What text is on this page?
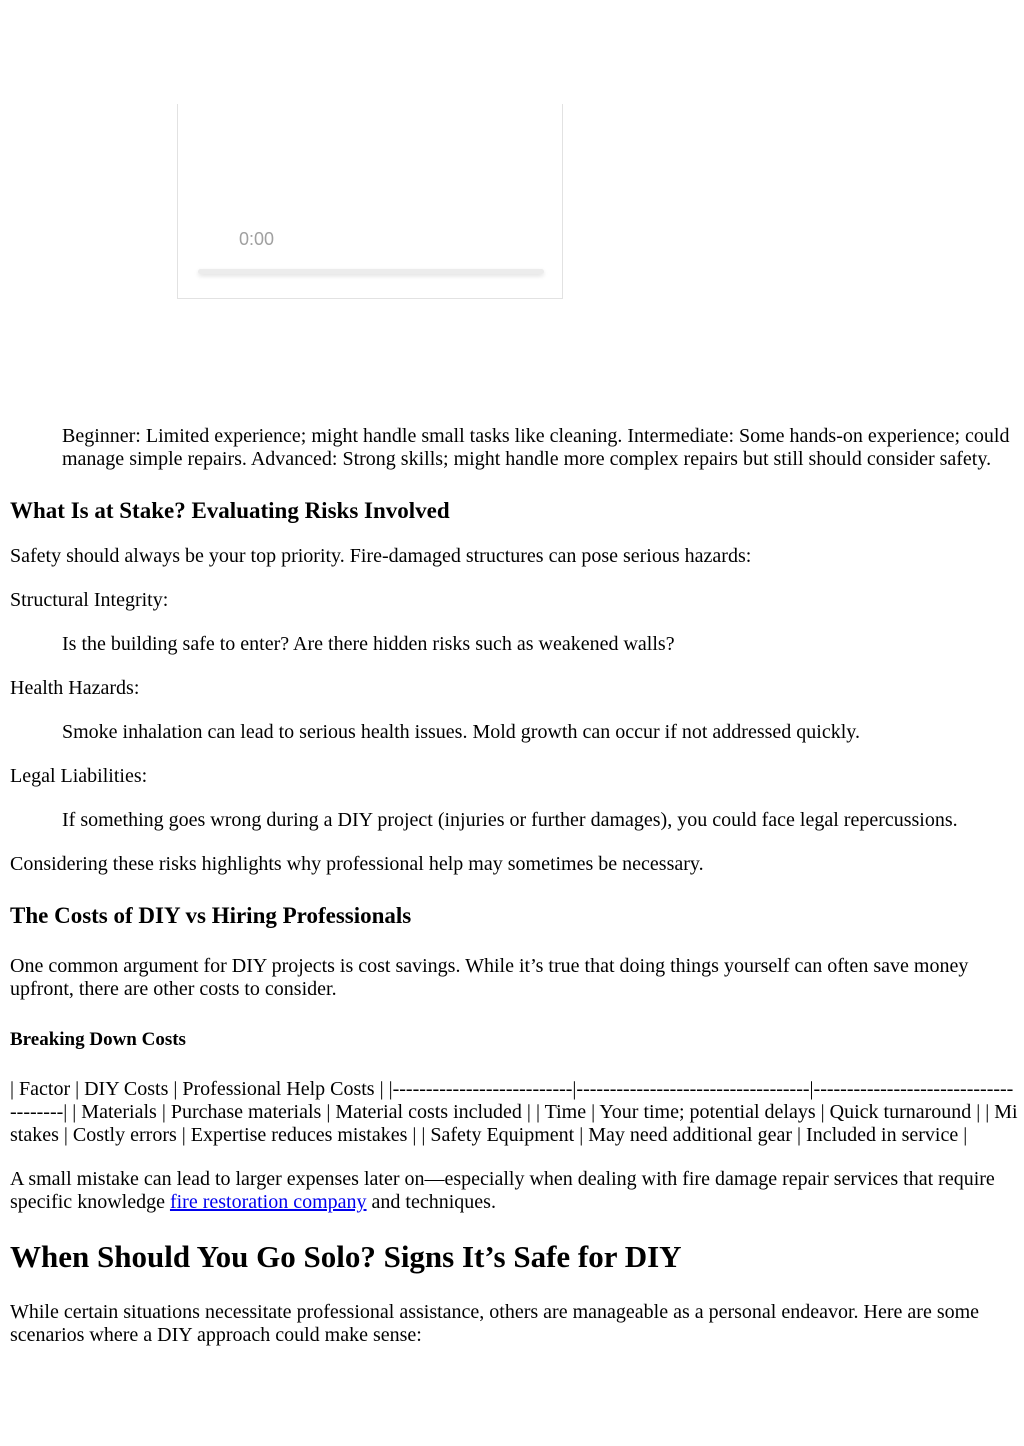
0:00

Beginner: Limited experience; might handle small tasks like cleaning. Intermediate: Some hands-on experience; could manage simple repairs. Advanced: Strong skills; might handle more complex repairs but still should consider safety.

What Is at Stake? Evaluating Risks Involved

Safety should always be your top priority. Fire-damaged structures can pose serious hazards:

Structural Integrity:

Is the building safe to enter? Are there hidden risks such as weakened walls?

Health Hazards:

Smoke inhalation can lead to serious health issues. Mold growth can occur if not addressed quickly.

Legal Liabilities:

If something goes wrong during a DIY project (injuries or further damages), you could face legal repercussions.

Considering these risks highlights why professional help may sometimes be necessary.

The Costs of DIY vs Hiring Professionals

One common argument for DIY projects is cost savings. While it’s true that doing things yourself can often save money upfront, there are other costs to consider.

Breaking Down Costs

| Factor | DIY Costs | Professional Help Costs | |---------------------------|-----------------------------------|--------------------------------------| | Materials | Purchase materials | Material costs included | | Time | Your time; potential delays | Quick turnaround | | Mistakes | Costly errors | Expertise reduces mistakes | | Safety Equipment | May need additional gear | Included in service |

A small mistake can lead to larger expenses later on—especially when dealing with fire damage repair services that require specific knowledge fire restoration company and techniques.

When Should You Go Solo? Signs It’s Safe for DIY

While certain situations necessitate professional assistance, others are manageable as a personal endeavor. Here are some scenarios where a DIY approach could make sense:
